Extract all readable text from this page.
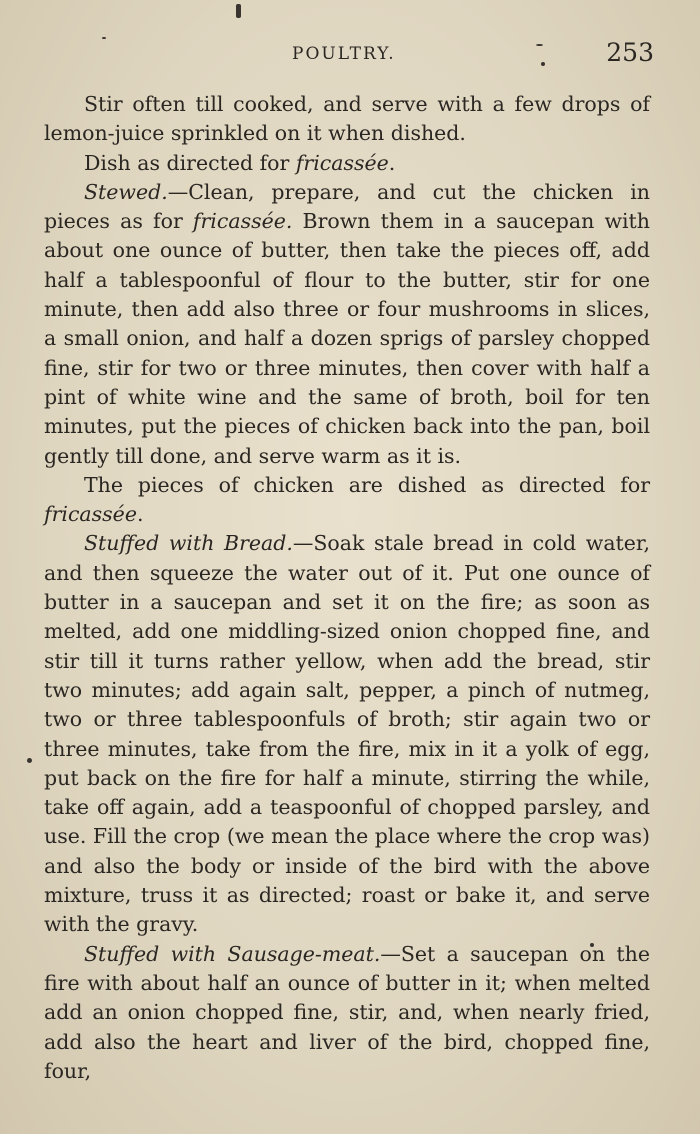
POULTRY.	253

Stir often till cooked, and serve with a few drops of lemon-juice sprinkled on it when dished.

Dish as directed for fricassée.

Stewed.—Clean, prepare, and cut the chicken in pieces as for fricassée. Brown them in a saucepan with about one ounce of butter, then take the pieces off, add half a tablespoonful of flour to the butter, stir for one minute, then add also three or four mushrooms in slices, a small onion, and half a dozen sprigs of parsley chopped fine, stir for two or three minutes, then cover with half a pint of white wine and the same of broth, boil for ten minutes, put the pieces of chicken back into the pan, boil gently till done, and serve warm as it is.

The pieces of chicken are dished as directed for fricassée.

Stuffed with Bread.—Soak stale bread in cold water, and then squeeze the water out of it. Put one ounce of butter in a saucepan and set it on the fire; as soon as melted, add one middling-sized onion chopped fine, and stir till it turns rather yellow, when add the bread, stir two minutes; add again salt, pepper, a pinch of nutmeg, two or three tablespoonfuls of broth; stir again two or three minutes, take from the fire, mix in it a yolk of egg, put back on the fire for half a minute, stirring the while, take off again, add a teaspoonful of chopped parsley, and use. Fill the crop (we mean the place where the crop was) and also the body or inside of the bird with the above mixture, truss it as directed; roast or bake it, and serve with the gravy.

Stuffed with Sausage-meat.—Set a saucepan on the fire with about half an ounce of butter in it; when melted add an onion chopped fine, stir, and, when nearly fried, add also the heart and liver of the bird, chopped fine, four,
